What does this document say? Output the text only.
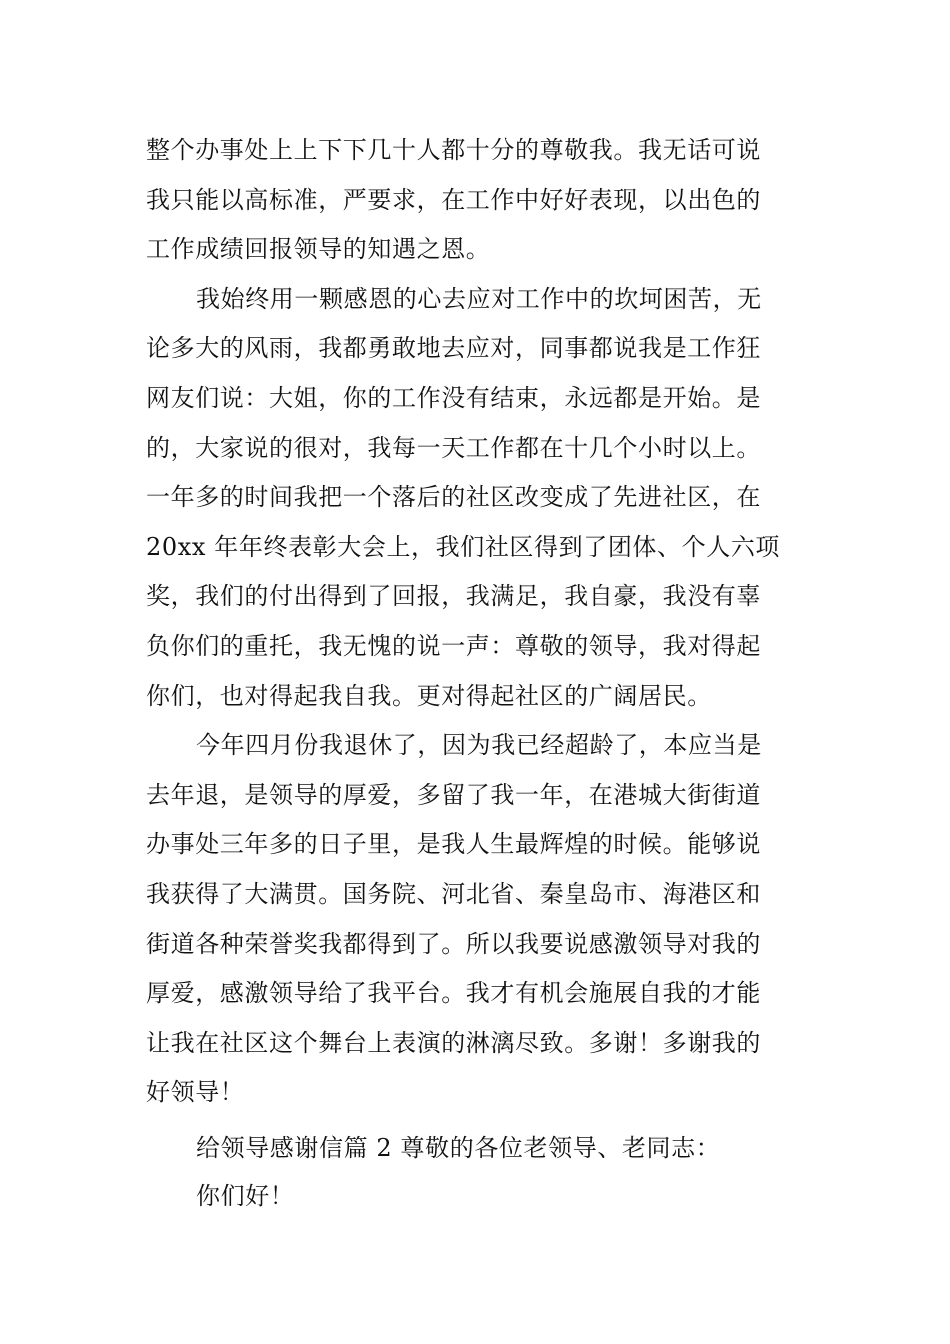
整个办事处上上下下几十人都十分的尊敬我。我无话可说
我只能以高标准，严要求，在工作中好好表现，以出色的
工作成绩回报领导的知遇之恩。
我始终用一颗感恩的心去应对工作中的坎坷困苦，无
论多大的风雨，我都勇敢地去应对，同事都说我是工作狂
网友们说：大姐，你的工作没有结束，永远都是开始。是
的，大家说的很对，我每一天工作都在十几个小时以上。
一年多的时间我把一个落后的社区改变成了先进社区，在
20xx 年年终表彰大会上，我们社区得到了团体、个人六项
奖，我们的付出得到了回报，我满足，我自豪，我没有辜
负你们的重托，我无愧的说一声：尊敬的领导，我对得起
你们，也对得起我自我。更对得起社区的广阔居民。
今年四月份我退休了，因为我已经超龄了，本应当是
去年退，是领导的厚爱，多留了我一年，在港城大街街道
办事处三年多的日子里，是我人生最辉煌的时候。能够说
我获得了大满贯。国务院、河北省、秦皇岛市、海港区和
街道各种荣誉奖我都得到了。所以我要说感激领导对我的
厚爱，感激领导给了我平台。我才有机会施展自我的才能
让我在社区这个舞台上表演的淋漓尽致。多谢！多谢我的
好领导！
给领导感谢信篇 2 尊敬的各位老领导、老同志：
你们好！
